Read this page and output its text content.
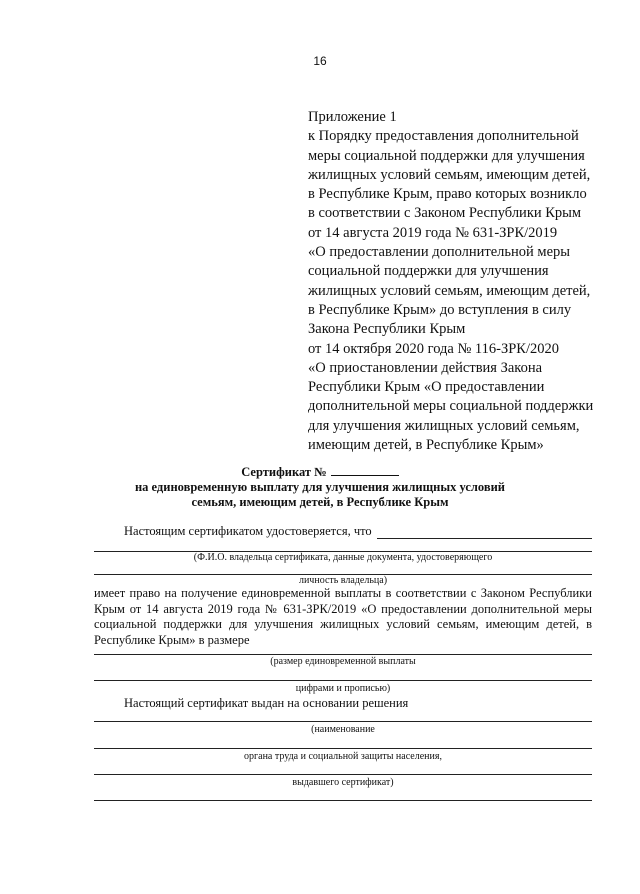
16
Приложение 1
к Порядку предоставления дополнительной
меры социальной поддержки для улучшения
жилищных условий семьям, имеющим детей,
в Республике Крым, право которых возникло
в соответствии с Законом Республики Крым
от 14 августа 2019 года № 631-ЗРК/2019
«О предоставлении дополнительной меры
социальной поддержки для улучшения
жилищных условий семьям, имеющим детей,
в Республике Крым» до вступления в силу
Закона Республики Крым
от 14 октября 2020 года № 116-ЗРК/2020
«О приостановлении действия Закона
Республики Крым «О предоставлении
дополнительной меры социальной поддержки
для улучшения жилищных условий семьям,
имеющим детей, в Республике Крым»
Сертификат №
на единовременную выплату для улучшения жилищных условий
семьям, имеющим детей, в Республике Крым
Настоящим сертификатом удостоверяется, что
(Ф.И.О. владельца сертификата, данные документа, удостоверяющего
личность владельца)
имеет право на получение единовременной выплаты в соответствии с Законом Республики
Крым от 14 августа 2019 года № 631-ЗРК/2019 «О предоставлении дополнительной меры
социальной поддержки для улучшения жилищных условий семьям, имеющим детей, в
Республике Крым» в размере
(размер единовременной выплаты
цифрами и прописью)
Настоящий сертификат выдан на основании решения
(наименование
органа труда и социальной защиты населения,
выдавшего сертификат)
